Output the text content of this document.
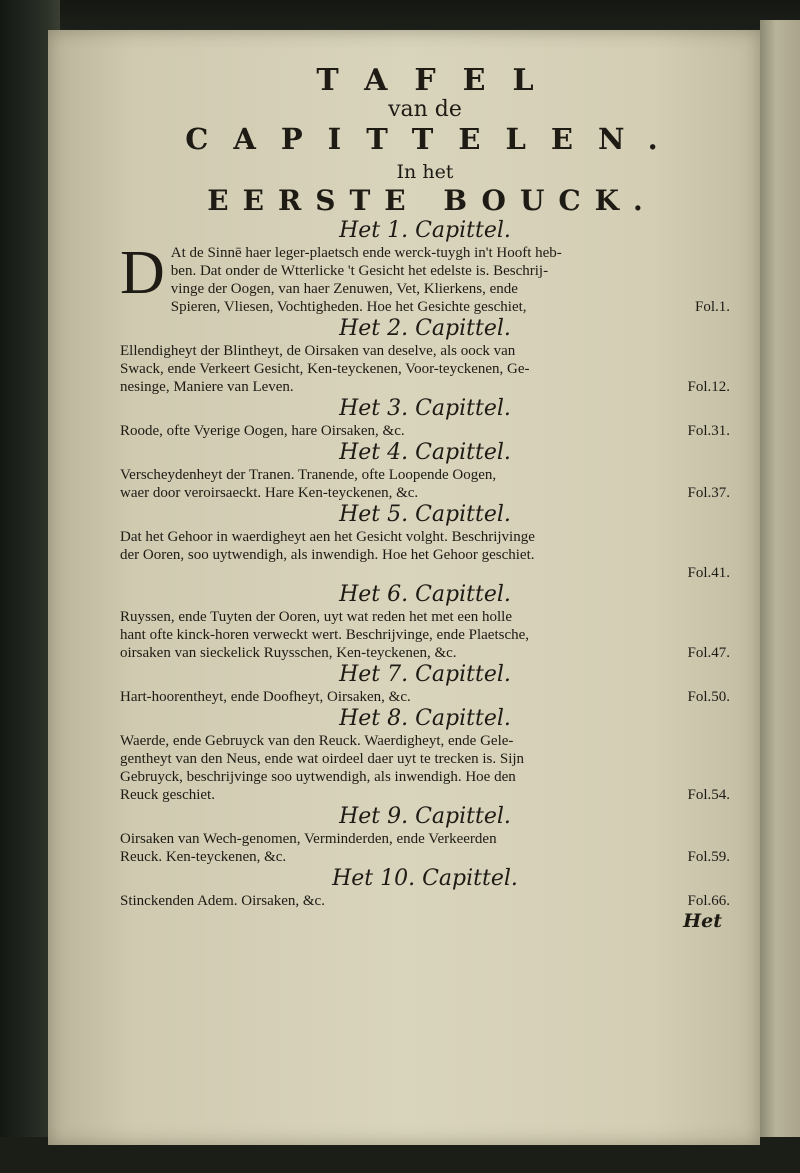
TAFEL
van de
CAPITTELEN.
In het
EERSTE BOUCK.
Het 1. Capittel.
D At de Sinnē haer leger-plaetsch ende werck-tuygh in't Hooft heb-
ben. Dat onder de Wtterlicke 't Gesicht het edelste is. Beschrij-
vinge der Oogen, van haer Zenuwen, Vet, Klierkens, ende
Spieren, Vliesen, Vochtigheden. Hoe het Gesichte geschiet,	Fol.1.
Het 2. Capittel.
Ellendigheyt der Blintheyt, de Oirsaken van deselve, als oock van
Swack, ende Verkeert Gesicht, Ken-teyckenen, Voor-teyckenen, Ge-
nesinge, Maniere van Leven.	Fol.12.
Het 3. Capittel.
Roode, ofte Vyerige Oogen, hare Oirsaken, &c.	Fol.31.
Het 4. Capittel.
Verscheydenheyt der Tranen. Tranende, ofte Loopende Oogen,
waer door veroirsaeckt. Hare Ken-teyckenen, &c.	Fol.37.
Het 5. Capittel.
Dat het Gehoor in waerdigheyt aen het Gesicht volght. Beschrijvinge
der Ooren, soo uytwendigh, als inwendigh. Hoe het Gehoor geschiet.
Fol.41.
Het 6. Capittel.
Ruyssen, ende Tuyten der Ooren, uyt wat reden het met een holle
hant ofte kinck-horen verweckt wert. Beschrijvinge, ende Plaetsche,
oirsaken van sieckelick Ruysschen, Ken-teyckenen, &c.	Fol.47.
Het 7. Capittel.
Hart-hoorentheyt, ende Doofheyt, Oirsaken, &c.	Fol.50.
Het 8. Capittel.
Waerde, ende Gebruyck van den Reuck. Waerdigheyt, ende Gele-
gentheyt van den Neus, ende wat oirdeel daer uyt te trecken is. Sijn
Gebruyck, beschrijvinge soo uytwendigh, als inwendigh. Hoe den
Reuck geschiet.	Fol.54.
Het 9. Capittel.
Oirsaken van Wech-genomen, Verminderden, ende Verkeerden
Reuck. Ken-teyckenen, &c.	Fol.59.
Het 10. Capittel.
Stinckenden Adem. Oirsaken, &c.	Fol.66.
Het
